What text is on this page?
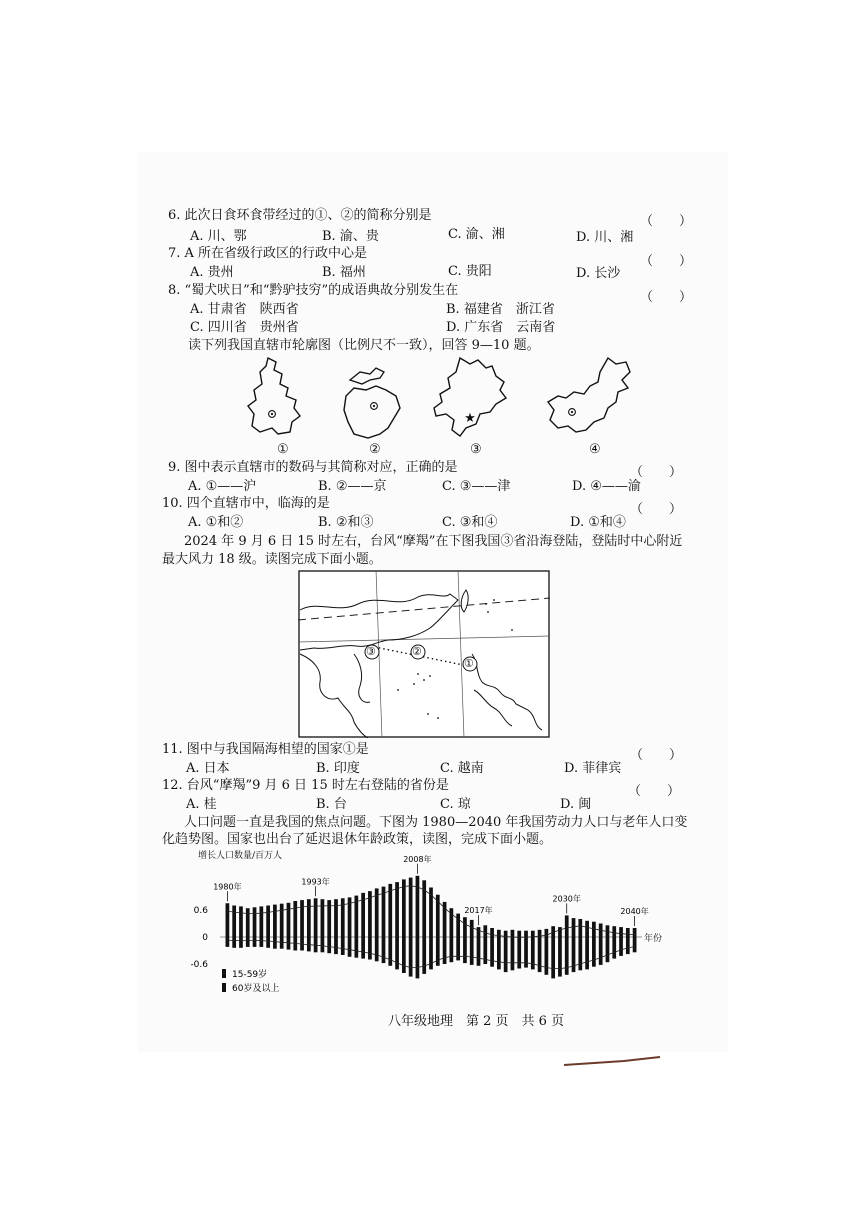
6. 此次日食环食带经过的①、②的简称分别是	（　　）
A. 川、鄂	B. 渝、贵	C. 渝、湘	D. 川、湘
7. A 所在省级行政区的行政中心是
（　　）
A. 贵州	B. 福州	C. 贵阳	D. 长沙
8. “蜀犬吠日”和“黔驴技穷”的成语典故分别发生在	（　　）
A. 甘肃省　陕西省	B. 福建省　浙江省
C. 四川省　贵州省	D. 广东省　云南省
读下列我国直辖市轮廓图（比例尺不一致），回答 9—10 题。
★
①	②	③	④
9. 图中表示直辖市的数码与其简称对应，正确的是	（　　）
A. ①——沪	B. ②——京	C. ③——津	D. ④——渝
10. 四个直辖市中，临海的是	（　　）
A. ①和②	B. ②和③	C. ③和④	D. ①和④
2024 年 9 月 6 日 15 时左右，台风“摩羯”在下图我国③省沿海登陆，登陆时中心附近
最大风力 18 级。读图完成下面小题。
③	②
①
11. 图中与我国隔海相望的国家①是	（　　）
A. 日本	B. 印度	C. 越南	D. 菲律宾
12. 台风“摩羯”9 月 6 日 15 时左右登陆的省份是	（　　）
A. 桂	B. 台	C. 琼	D. 闽
人口问题一直是我国的焦点问题。下图为 1980—2040 年我国劳动力人口与老年人口变
化趋势图。国家也出台了延迟退休年龄政策，读图，完成下面小题。
增长人口数量/百万人
年份
0.6
0
-0.6
1980年
1993年
2008年
2017年
2030年
2040年
15-59岁
60岁及以上
八年级地理　第 2 页　共 6 页
